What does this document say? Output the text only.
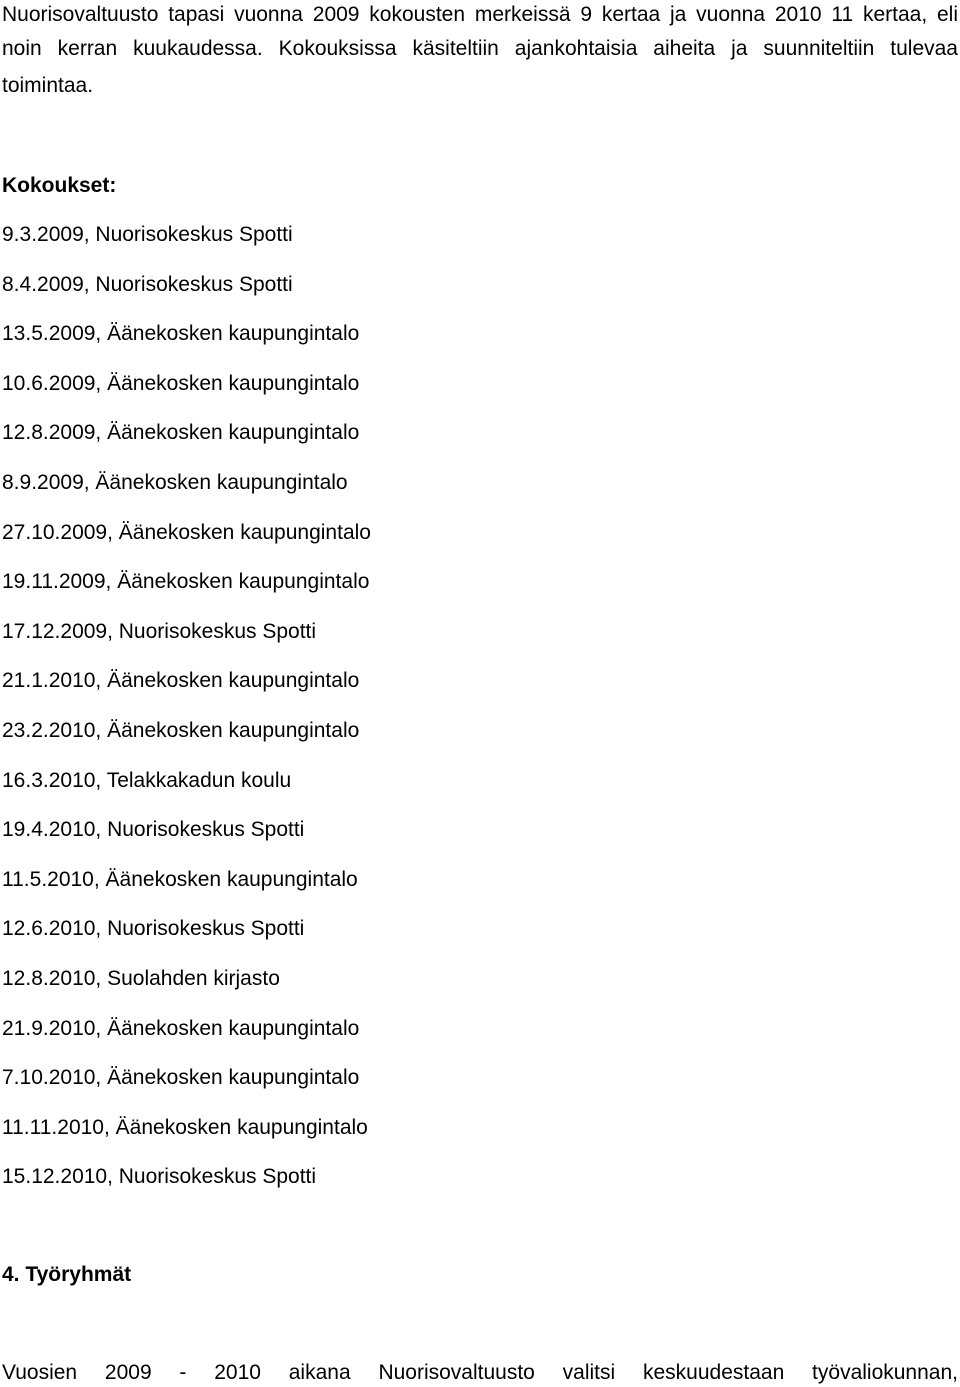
Nuorisovaltuusto tapasi vuonna 2009 kokousten merkeissä 9 kertaa ja vuonna 2010 11 kertaa, eli
noin kerran kuukaudessa. Kokouksissa käsiteltiin ajankohtaisia aiheita ja suunniteltiin tulevaa
toimintaa.
Kokoukset:
9.3.2009, Nuorisokeskus Spotti
8.4.2009, Nuorisokeskus Spotti
13.5.2009, Äänekosken kaupungintalo
10.6.2009, Äänekosken kaupungintalo
12.8.2009, Äänekosken kaupungintalo
8.9.2009, Äänekosken kaupungintalo
27.10.2009, Äänekosken kaupungintalo
19.11.2009, Äänekosken kaupungintalo
17.12.2009, Nuorisokeskus Spotti
21.1.2010, Äänekosken kaupungintalo
23.2.2010, Äänekosken kaupungintalo
16.3.2010, Telakkakadun koulu
19.4.2010, Nuorisokeskus Spotti
11.5.2010, Äänekosken kaupungintalo
12.6.2010, Nuorisokeskus Spotti
12.8.2010, Suolahden kirjasto
21.9.2010, Äänekosken kaupungintalo
7.10.2010, Äänekosken kaupungintalo
11.11.2010, Äänekosken kaupungintalo
15.12.2010, Nuorisokeskus Spotti
4. Työryhmät
Vuosien 2009 - 2010 aikana Nuorisovaltuusto valitsi keskuudestaan työvaliokunnan,
